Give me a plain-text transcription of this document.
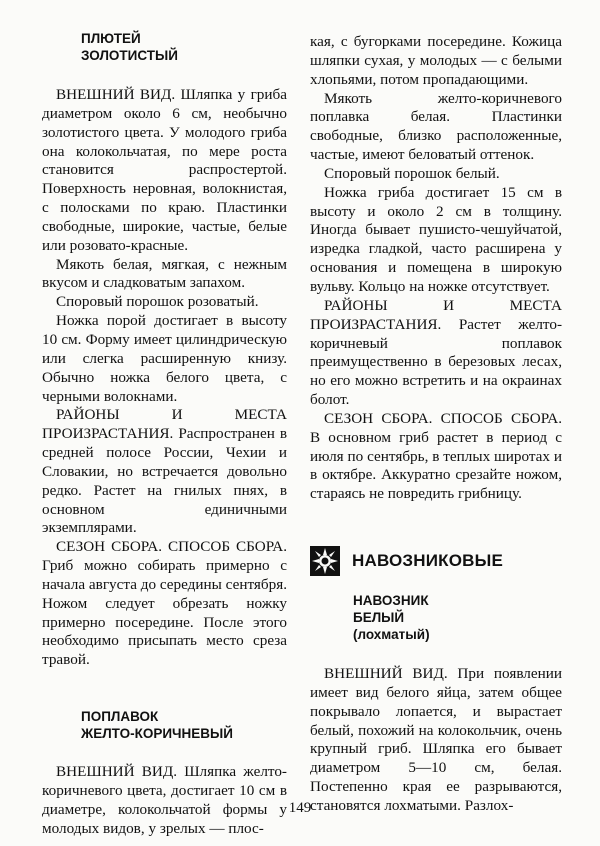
ПЛЮТЕЙ
ЗОЛОТИСТЫЙ

ВНЕШНИЙ ВИД. Шляпка у гриба диаметром около 6 см, необычно золотистого цвета. У молодого гриба она колокольчатая, по мере роста становится распростертой. Поверхность неровная, волокнистая, с полосками по краю. Пластинки свободные, широкие, частые, белые или розовато-красные.

Мякоть белая, мягкая, с нежным вкусом и сладковатым запахом.

Споровый порошок розоватый.

Ножка порой достигает в высоту 10 см. Форму имеет цилиндрическую или слегка расширенную книзу. Обычно ножка белого цвета, с черными волокнами.

РАЙОНЫ И МЕСТА ПРОИЗРАСТАНИЯ. Распространен в средней полосе России, Чехии и Словакии, но встречается довольно редко. Растет на гнилых пнях, в основном единичными экземплярами.

СЕЗОН СБОРА. СПОСОБ СБОРА. Гриб можно собирать примерно с начала августа до середины сентября. Ножом следует обрезать ножку примерно посередине. После этого необходимо присыпать место среза травой.

ПОПЛАВОК
ЖЕЛТО-КОРИЧНЕВЫЙ

ВНЕШНИЙ ВИД. Шляпка желто-коричневого цвета, достигает 10 см в диаметре, колокольчатой формы у молодых видов, у зрелых — плос-

кая, с бугорками посередине. Кожица шляпки сухая, у молодых — с белыми хлопьями, потом пропадающими.

Мякоть желто-коричневого поплавка белая. Пластинки свободные, близко расположенные, частые, имеют беловатый оттенок.

Споровый порошок белый.

Ножка гриба достигает 15 см в высоту и около 2 см в толщину. Иногда бывает пушисто-чешуйчатой, изредка гладкой, часто расширена у основания и помещена в широкую вульву. Кольцо на ножке отсутствует.

РАЙОНЫ И МЕСТА ПРОИЗРАСТАНИЯ. Растет желто-коричневый поплавок преимущественно в березовых лесах, но его можно встретить и на окраинах болот.

СЕЗОН СБОРА. СПОСОБ СБОРА. В основном гриб растет в период с июля по сентябрь, в теплых широтах и в октябре. Аккуратно срезайте ножом, стараясь не повредить грибницу.

НАВОЗНИКОВЫЕ
НАВОЗНИК
БЕЛЫЙ
(лохматый)

ВНЕШНИЙ ВИД. При появлении имеет вид белого яйца, затем общее покрывало лопается, и вырастает белый, похожий на колокольчик, очень крупный гриб. Шляпка его бывает диаметром 5—10 см, белая. Постепенно края ее разрываются, становятся лохматыми. Разлох-

149
